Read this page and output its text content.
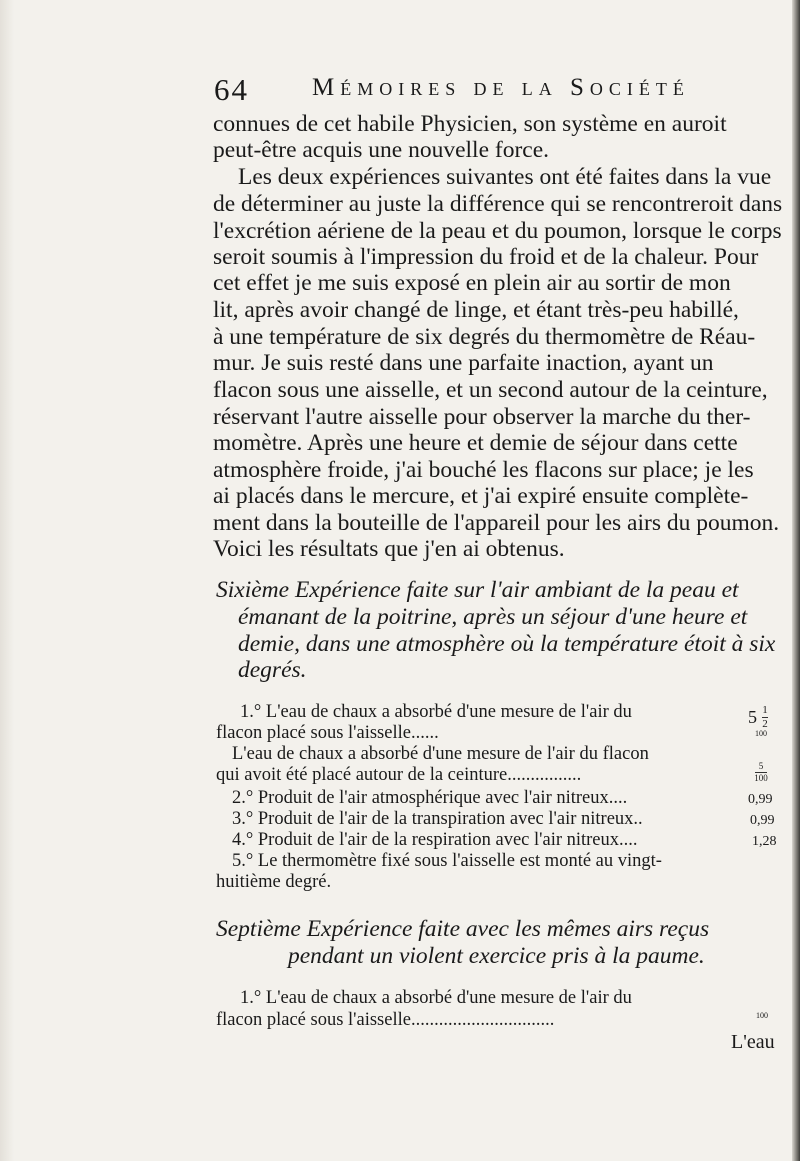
64	Mémoires de la Société
connues de cet habile Physicien, son système en auroit
peut-être acquis une nouvelle force.
Les deux expériences suivantes ont été faites dans la vue
de déterminer au juste la différence qui se rencontreroit dans
l'excrétion aériene de la peau et du poumon, lorsque le corps
seroit soumis à l'impression du froid et de la chaleur. Pour
cet effet je me suis exposé en plein air au sortir de mon
lit, après avoir changé de linge, et étant très-peu habillé,
à une température de six degrés du thermomètre de Réau-
mur. Je suis resté dans une parfaite inaction, ayant un
flacon sous une aisselle, et un second autour de la ceinture,
réservant l'autre aisselle pour observer la marche du ther-
momètre. Après une heure et demie de séjour dans cette
atmosphère froide, j'ai bouché les flacons sur place; je les
ai placés dans le mercure, et j'ai expiré ensuite complète-
ment dans la bouteille de l'appareil pour les airs du poumon.
Voici les résultats que j'en ai obtenus.
Sixième Expérience faite sur l'air ambiant de la peau et
émanant de la poitrine, après un séjour d'une heure et
demie, dans une atmosphère où la température étoit à six
degrés.
1.° L'eau de chaux a absorbé d'une mesure de l'air du
flacon placé sous l'aisselle......
L'eau de chaux a absorbé d'une mesure de l'air du flacon
qui avoit été placé autour de la ceinture................
2.° Produit de l'air atmosphérique avec l'air nitreux....
3.° Produit de l'air de la transpiration avec l'air nitreux..
4.° Produit de l'air de la respiration avec l'air nitreux....
5.° Le thermomètre fixé sous l'aisselle est monté au vingt-
huitième degré.
5 1
2
100
5
100
0,99
0,99
1,28
Septième Expérience faite avec les mêmes airs reçus
pendant un violent exercice pris à la paume.
1.° L'eau de chaux a absorbé d'une mesure de l'air du
flacon placé sous l'aisselle...............................	100
L'eau
